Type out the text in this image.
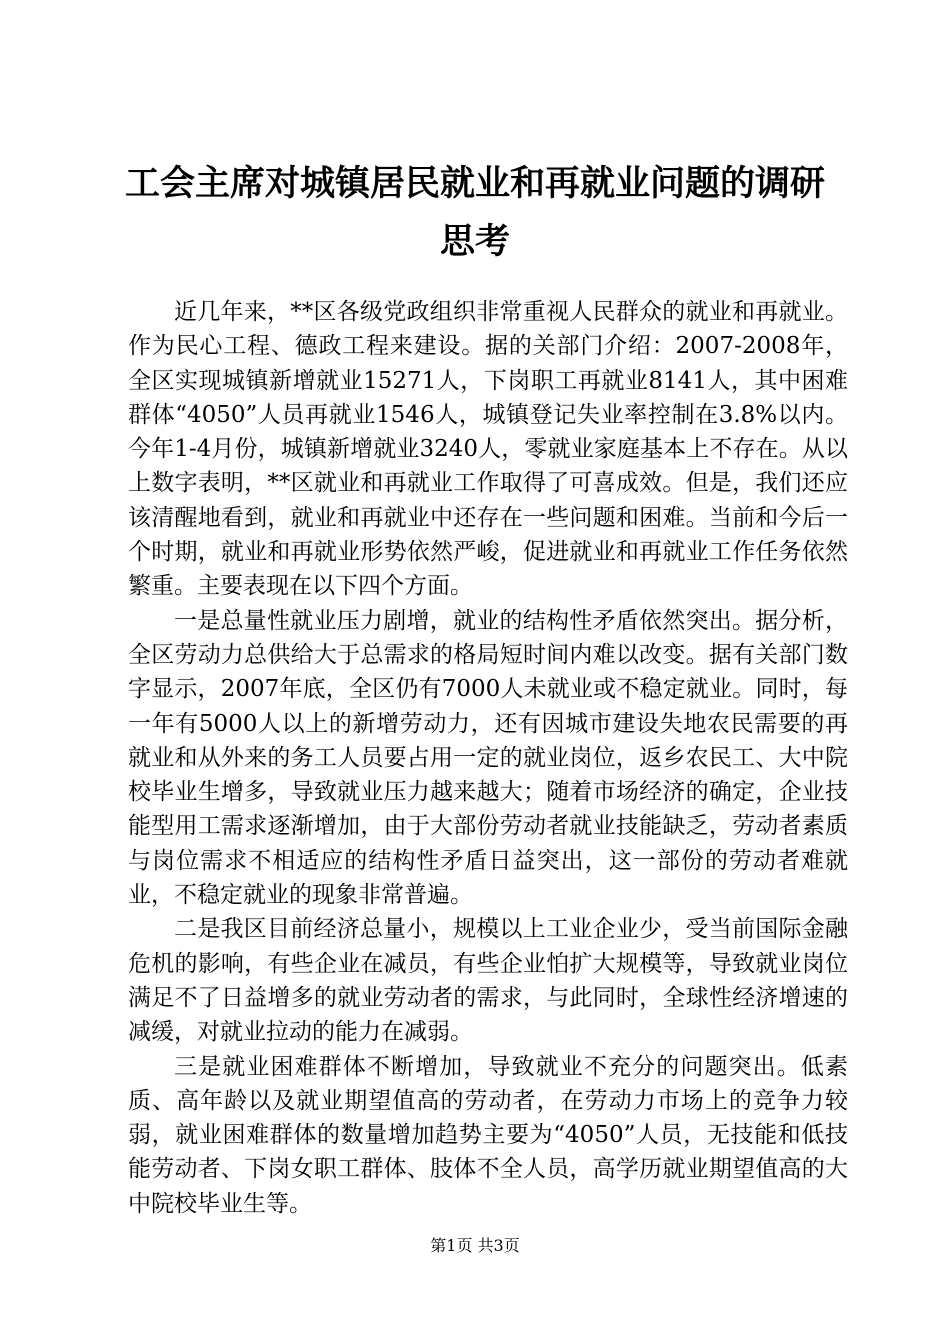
工会主席对城镇居民就业和再就业问题的调研
思考

近几年来，**区各级党政组织非常重视人民群众的就业和再就业。作为民心工程、德政工程来建设。据的关部门介绍：2007-2008年，全区实现城镇新增就业15271人，下岗职工再就业8141人，其中困难群体“4050”人员再就业1546人，城镇登记失业率控制在3.8%以内。今年1-4月份，城镇新增就业3240人，零就业家庭基本上不存在。从以上数字表明，**区就业和再就业工作取得了可喜成效。但是，我们还应该清醒地看到，就业和再就业中还存在一些问题和困难。当前和今后一个时期，就业和再就业形势依然严峻，促进就业和再就业工作任务依然繁重。主要表现在以下四个方面。

一是总量性就业压力剧增，就业的结构性矛盾依然突出。据分析，全区劳动力总供给大于总需求的格局短时间内难以改变。据有关部门数字显示，2007年底，全区仍有7000人未就业或不稳定就业。同时，每一年有5000人以上的新增劳动力，还有因城市建设失地农民需要的再就业和从外来的务工人员要占用一定的就业岗位，返乡农民工、大中院校毕业生增多，导致就业压力越来越大；随着市场经济的确定，企业技能型用工需求逐渐增加，由于大部份劳动者就业技能缺乏，劳动者素质与岗位需求不相适应的结构性矛盾日益突出，这一部份的劳动者难就业，不稳定就业的现象非常普遍。

二是我区目前经济总量小，规模以上工业企业少，受当前国际金融危机的影响，有些企业在减员，有些企业怕扩大规模等，导致就业岗位满足不了日益增多的就业劳动者的需求，与此同时，全球性经济增速的减缓，对就业拉动的能力在减弱。

三是就业困难群体不断增加，导致就业不充分的问题突出。低素质、高年龄以及就业期望值高的劳动者，在劳动力市场上的竞争力较弱，就业困难群体的数量增加趋势主要为“4050”人员，无技能和低技能劳动者、下岗女职工群体、肢体不全人员，高学历就业期望值高的大中院校毕业生等。

第1页 共3页
